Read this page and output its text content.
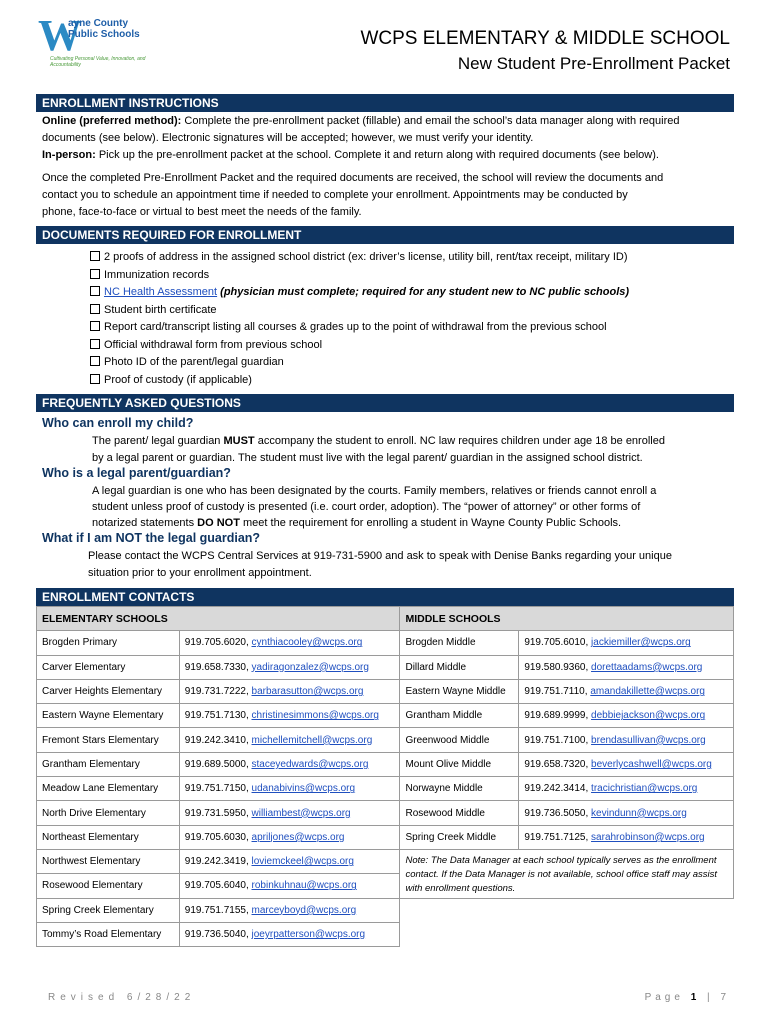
W
ayne County
Public Schools
Cultivating Personal Value, Innovation, and Accountability
WCPS ELEMENTARY & MIDDLE SCHOOL
New Student Pre-Enrollment Packet
ENROLLMENT INSTRUCTIONS
Online (preferred method): Complete the pre-enrollment packet (fillable) and email the school’s data manager along with required
documents (see below). Electronic signatures will be accepted; however, we must verify your identity.
In-person: Pick up the pre-enrollment packet at the school. Complete it and return along with required documents (see below).
Once the completed Pre-Enrollment Packet and the required documents are received, the school will review the documents and
contact you to schedule an appointment time if needed to complete your enrollment. Appointments may be conducted by
phone, face-to-face or virtual to best meet the needs of the family.
DOCUMENTS REQUIRED FOR ENROLLMENT
2 proofs of address in the assigned school district (ex: driver’s license, utility bill, rent/tax receipt, military ID)
Immunization records
NC Health Assessment (physician must complete; required for any student new to NC public schools)
Student birth certificate
Report card/transcript listing all courses & grades up to the point of withdrawal from the previous school
Official withdrawal form from previous school
Photo ID of the parent/legal guardian
Proof of custody (if applicable)
FREQUENTLY ASKED QUESTIONS
Who can enroll my child?
The parent/ legal guardian MUST accompany the student to enroll. NC law requires children under age 18 be enrolled
by a legal parent or guardian. The student must live with the legal parent/ guardian in the assigned school district.
Who is a legal parent/guardian?
A legal guardian is one who has been designated by the courts. Family members, relatives or friends cannot enroll a
student unless proof of custody is presented (i.e. court order, adoption). The “power of attorney” or other forms of
notarized statements DO NOT meet the requirement for enrolling a student in Wayne County Public Schools.
What if I am NOT the legal guardian?
Please contact the WCPS Central Services at 919-731-5900 and ask to speak with Denise Banks regarding your unique
situation prior to your enrollment appointment.
ENROLLMENT CONTACTS
ELEMENTARY SCHOOLS		MIDDLE SCHOOLS	
Brogden Primary	919.705.6020, cynthiacooley@wcps.org	Brogden Middle	919.705.6010, jackiemiller@wcps.org
Carver Elementary	919.658.7330, yadiragonzalez@wcps.org	Dillard Middle	919.580.9360, dorettaadams@wcps.org
Carver Heights Elementary	919.731.7222, barbarasutton@wcps.org	Eastern Wayne Middle	919.751.7110, amandakillette@wcps.org
Eastern Wayne Elementary	919.751.7130, christinesimmons@wcps.org	Grantham Middle	919.689.9999, debbiejackson@wcps.org
Fremont Stars Elementary	919.242.3410, michellemitchell@wcps.org	Greenwood Middle	919.751.7100, brendasullivan@wcps.org
Grantham Elementary	919.689.5000, staceyedwards@wcps.org	Mount Olive Middle	919.658.7320, beverlycashwell@wcps.org
Meadow Lane Elementary	919.751.7150, udanabivins@wcps.org	Norwayne Middle	919.242.3414, tracichristian@wcps.org
North Drive Elementary	919.731.5950, williambest@wcps.org	Rosewood Middle	919.736.5050, kevindunn@wcps.org
Northeast Elementary	919.705.6030, apriljones@wcps.org	Spring Creek Middle	919.751.7125, sarahrobinson@wcps.org
Northwest Elementary	919.242.3419, loviemckeel@wcps.org	Note: The Data Manager at each school typically serves as the enrollment contact. If the Data Manager is not available, school office staff may assist with enrollment questions.	
Rosewood Elementary	919.705.6040, robinkuhnau@wcps.org		
Spring Creek Elementary	919.751.7155, marceyboyd@wcps.org		
Tommy’s Road Elementary	919.736.5040, joeyrpatterson@wcps.org		
Revised 6/28/22	Page 1 | 7
